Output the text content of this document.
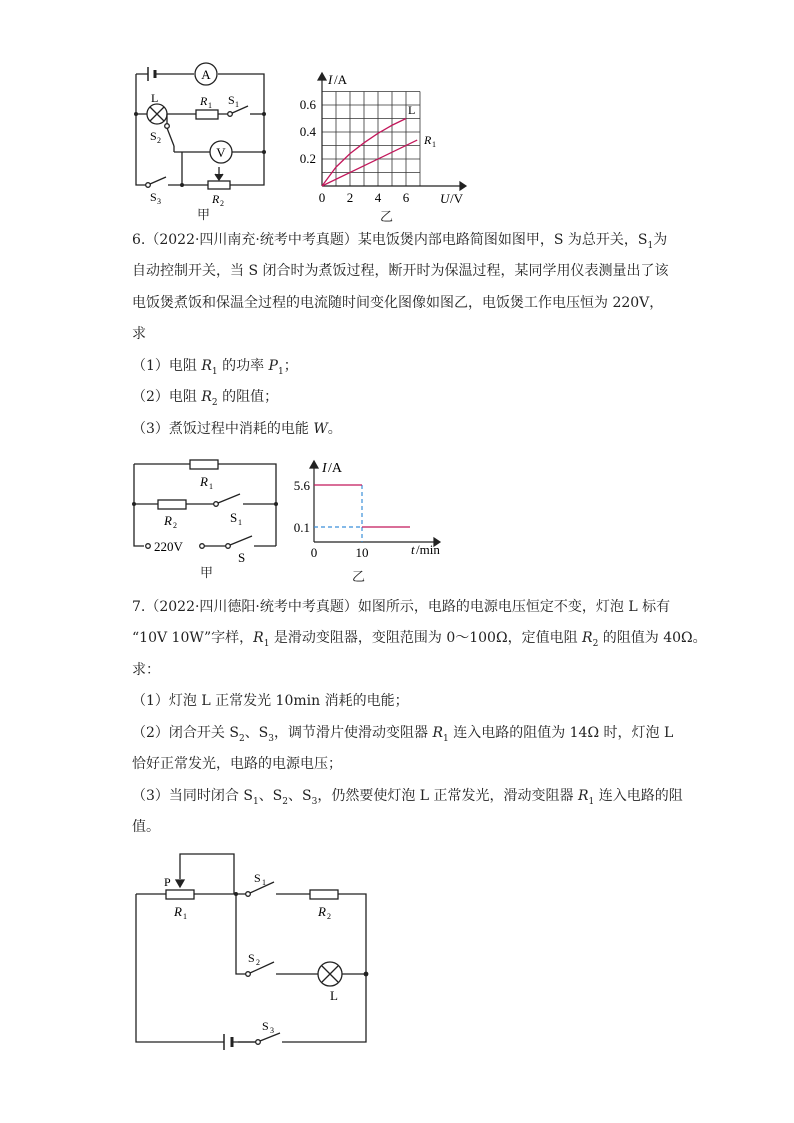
A
V
L	R 1 S 1
S 2
S 3	R 2
甲
0 2 4 6
0.2
0.4
0.6
I /A
U /V
L
R 1
乙
6.（2022·四川南充·统考中考真题）某电饭煲内部电路简图如图甲，S 为总开关，$S_1$为
自动控制开关，当 S 闭合时为煮饭过程，断开时为保温过程，某同学用仪表测量出了该
电饭煲煮饭和保温全过程的电流随时间变化图像如图乙，电饭煲工作电压恒为 220V，
求
（1）电阻 $R_1$ 的功率 $P_1$；
（2）电阻 $R_2$ 的阻值；
（3）煮饭过程中消耗的电能 W。
R 1
R 2
S 1
220V
S
甲
0	10
0.1
5.6
I /A
t /min
乙
7.（2022·四川德阳·统考中考真题）如图所示，电路的电源电压恒定不变，灯泡 L 标有
“10V 10W”字样，$R_1$ 是滑动变阻器，变阻范围为 0～100Ω，定值电阻 $R_2$ 的阻值为 40Ω。
求：
（1）灯泡 L 正常发光 10min 消耗的电能；
（2）闭合开关 $S_2$、$S_3$，调节滑片使滑动变阻器 $R_1$ 连入电路的阻值为 14Ω 时，灯泡 L
恰好正常发光，电路的电源电压；
（3）当同时闭合 $S_1$、$S_2$、$S_3$，仍然要使灯泡 L 正常发光，滑动变阻器 $R_1$ 连入电路的阻
值。
P
R 1
S 1
R 2
S 2
L
S 3
